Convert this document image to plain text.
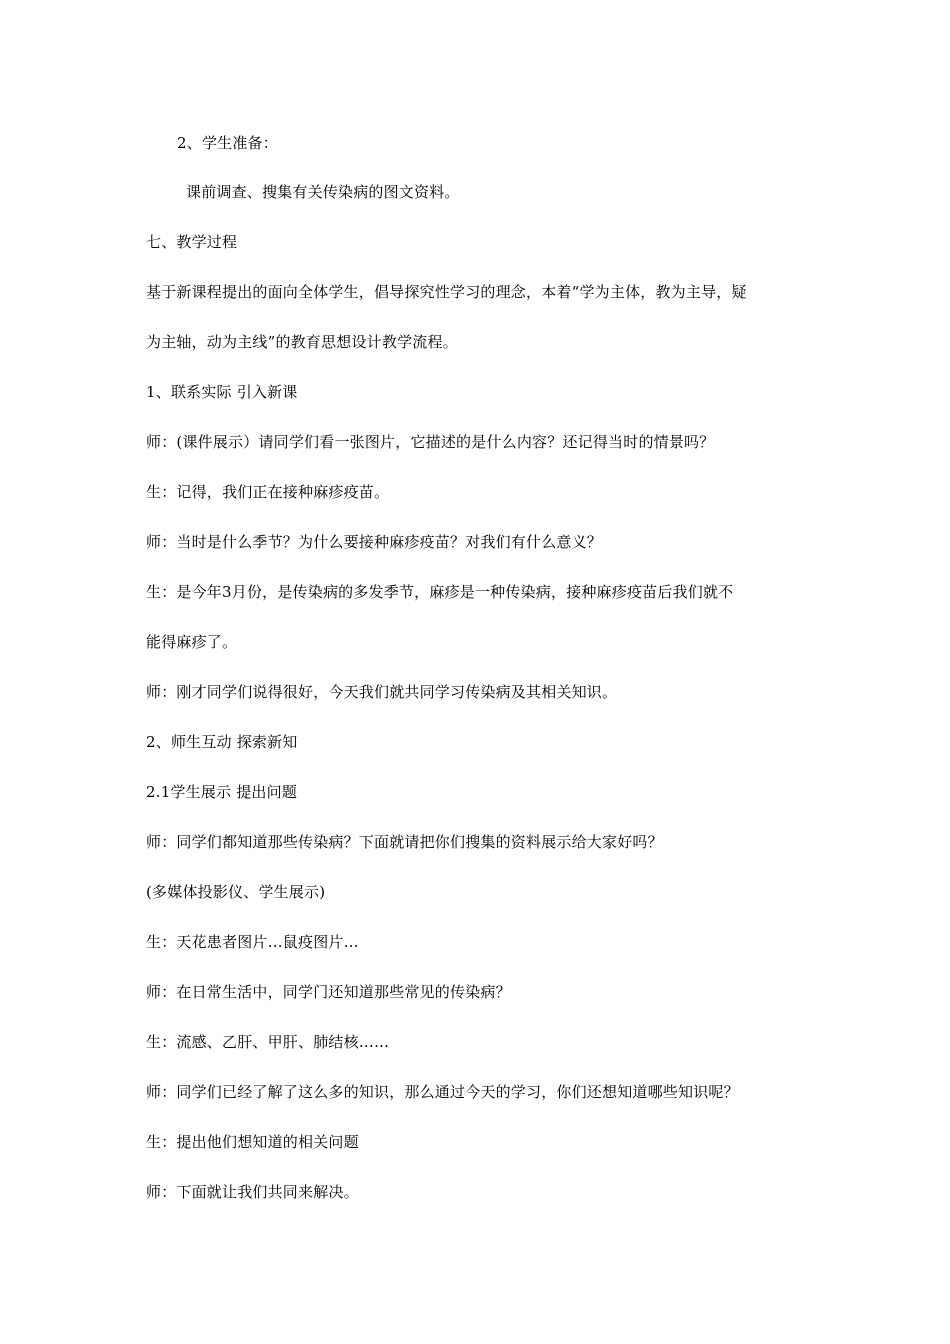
2、学生准备：
课前调查、搜集有关传染病的图文资料。
七、教学过程
基于新课程提出的面向全体学生，倡导探究性学习的理念，本着“学为主体，教为主导，疑
为主轴，动为主线”的教育思想设计教学流程。
1、联系实际 引入新课
师：(课件展示）请同学们看一张图片，它描述的是什么内容？还记得当时的情景吗？
生：记得，我们正在接种麻疹疫苗。
师：当时是什么季节？为什么要接种麻疹疫苗？对我们有什么意义？
生：是今年3月份，是传染病的多发季节，麻疹是一种传染病，接种麻疹疫苗后我们就不
能得麻疹了。
师：刚才同学们说得很好，今天我们就共同学习传染病及其相关知识。
2、师生互动 探索新知
2.1学生展示 提出问题
师：同学们都知道那些传染病？下面就请把你们搜集的资料展示给大家好吗？
(多媒体投影仪、学生展示)
生：天花患者图片…鼠疫图片…
师：在日常生活中，同学门还知道那些常见的传染病？
生：流感、乙肝、甲肝、肺结核……
师：同学们已经了解了这么多的知识，那么通过今天的学习，你们还想知道哪些知识呢？
生：提出他们想知道的相关问题
师：下面就让我们共同来解决。
